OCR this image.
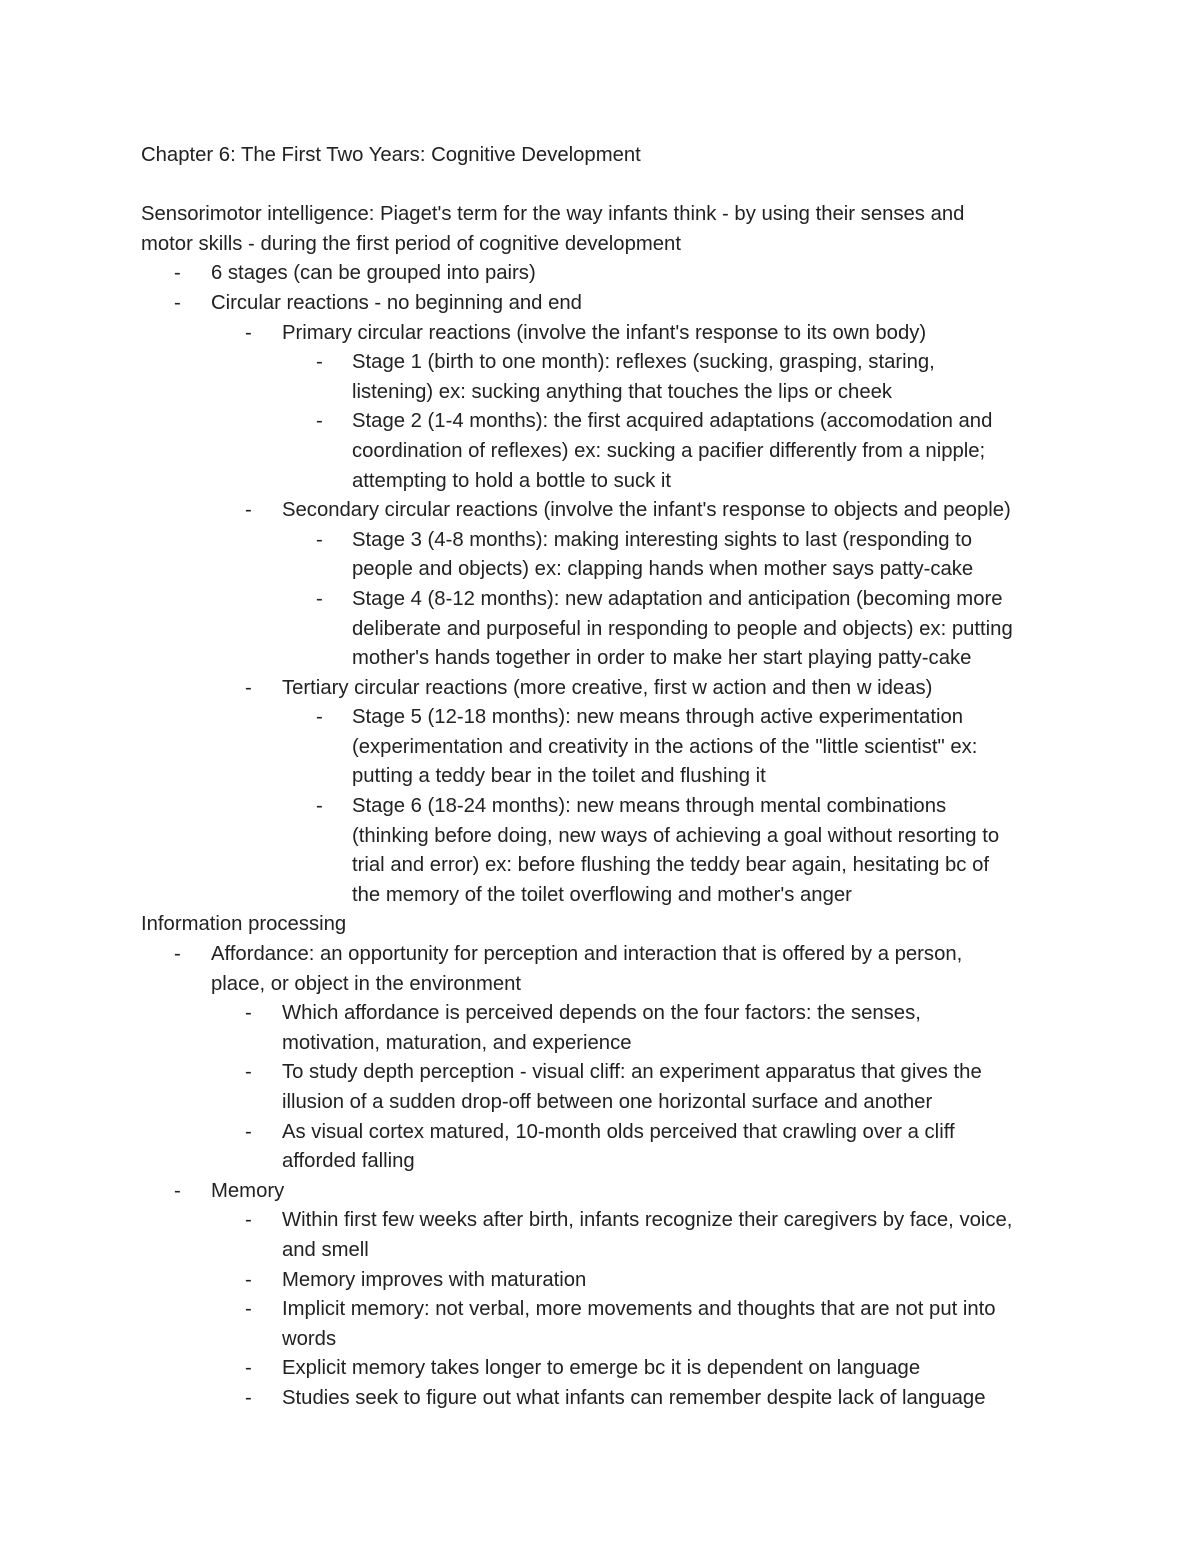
Chapter 6: The First Two Years: Cognitive Development

Sensorimotor intelligence: Piaget's term for the way infants think - by using their senses and
motor skills - during the first period of cognitive development

- 6 stages (can be grouped into pairs)
- Circular reactions - no beginning and end
- Primary circular reactions (involve the infant's response to its own body)
- Stage 1 (birth to one month): reflexes (sucking, grasping, staring,
listening) ex: sucking anything that touches the lips or cheek
- Stage 2 (1-4 months): the first acquired adaptations (accomodation and
coordination of reflexes) ex: sucking a pacifier differently from a nipple;
attempting to hold a bottle to suck it
- Secondary circular reactions (involve the infant's response to objects and people)
- Stage 3 (4-8 months): making interesting sights to last (responding to
people and objects) ex: clapping hands when mother says patty-cake
- Stage 4 (8-12 months): new adaptation and anticipation (becoming more
deliberate and purposeful in responding to people and objects) ex: putting
mother's hands together in order to make her start playing patty-cake
- Tertiary circular reactions (more creative, first w action and then w ideas)
- Stage 5 (12-18 months): new means through active experimentation
(experimentation and creativity in the actions of the "little scientist" ex:
putting a teddy bear in the toilet and flushing it
- Stage 6 (18-24 months): new means through mental combinations
(thinking before doing, new ways of achieving a goal without resorting to
trial and error) ex: before flushing the teddy bear again, hesitating bc of
the memory of the toilet overflowing and mother's anger

Information processing

- Affordance: an opportunity for perception and interaction that is offered by a person,
place, or object in the environment
- Which affordance is perceived depends on the four factors: the senses,
motivation, maturation, and experience
- To study depth perception - visual cliff: an experiment apparatus that gives the
illusion of a sudden drop-off between one horizontal surface and another
- As visual cortex matured, 10-month olds perceived that crawling over a cliff
afforded falling
- Memory
- Within first few weeks after birth, infants recognize their caregivers by face, voice,
and smell
- Memory improves with maturation
- Implicit memory: not verbal, more movements and thoughts that are not put into
words
- Explicit memory takes longer to emerge bc it is dependent on language
- Studies seek to figure out what infants can remember despite lack of language
